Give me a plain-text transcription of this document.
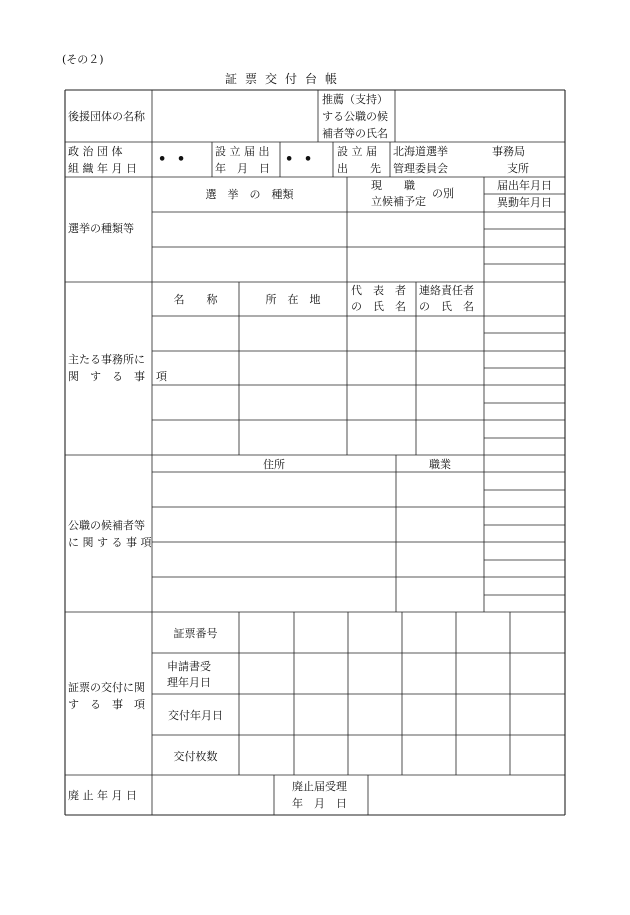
(その２)
証票交付台帳
後援団体の名称
推薦（支持）
する公職の候
補者等の氏名
政 治 団 体
組 織 年 月 日
• •
設 立 届 出
年　月　日
• •
設 立 届
出　　先
北海道選挙
管理委員会
事務局
支所
選挙の種類等
選　挙　の　種類
現　　職
立候補予定
の別
届出年月日
異動年月日
主たる事務所に
関　す　る　事　項
名　　称	所　在　地
代　表　者
の　氏　名
連絡責任者
の　氏　名
公職の候補者等
に 関 す る 事 項
住所	職業
証票の交付に関
す　る　事　項
証票番号
申請書受
理年月日
交付年月日
交付枚数
廃 止 年 月 日
廃止届受理
年　月　日
